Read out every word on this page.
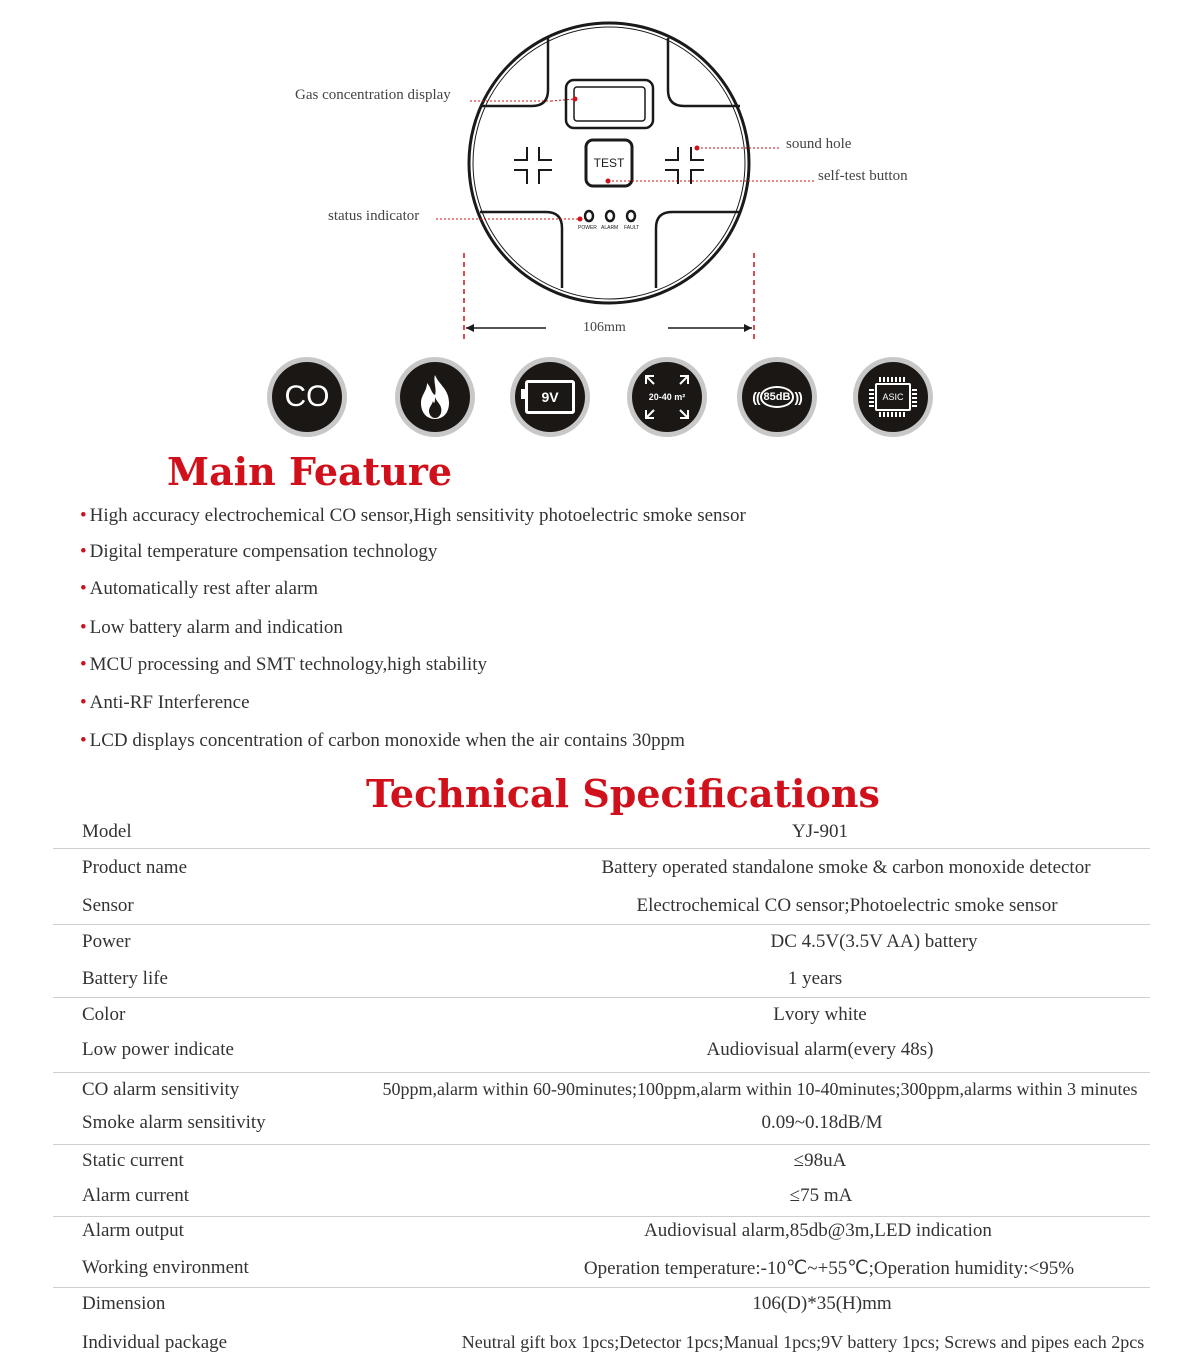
TEST
POWER ALARM FAULT
Gas concentration display
sound hole
self-test button
status indicator
106mm
CO	9V	20-40 m²	(( 85dB ))	ASIC
Main Feature
• High accuracy electrochemical CO sensor,High sensitivity photoelectric smoke sensor
• Digital temperature compensation technology
• Automatically rest after alarm
• Low battery alarm and indication
• MCU processing and SMT technology,high stability
• Anti-RF Interference
• LCD displays concentration of carbon monoxide when the air contains 30ppm
Technical Specifications
Model	YJ-901
Product name	Battery operated standalone smoke & carbon monoxide detector
Sensor	Electrochemical CO sensor;Photoelectric smoke sensor
Power	DC 4.5V(3.5V AA) battery
Battery life	1 years
Color	Lvory white
Low power indicate	Audiovisual alarm(every 48s)
CO alarm sensitivity	50ppm,alarm within 60-90minutes;100ppm,alarm within 10-40minutes;300ppm,alarms within 3 minutes
Smoke alarm sensitivity	0.09~0.18dB/M
Static current	≤98uA
Alarm current	≤75 mA
Alarm output	Audiovisual alarm,85db@3m,LED indication
Working environment	Operation temperature:-10℃~+55℃;Operation humidity:<95%
Dimension	106(D)*35(H)mm
Individual package	Neutral gift box 1pcs;Detector 1pcs;Manual 1pcs;9V battery 1pcs; Screws and pipes each 2pcs
